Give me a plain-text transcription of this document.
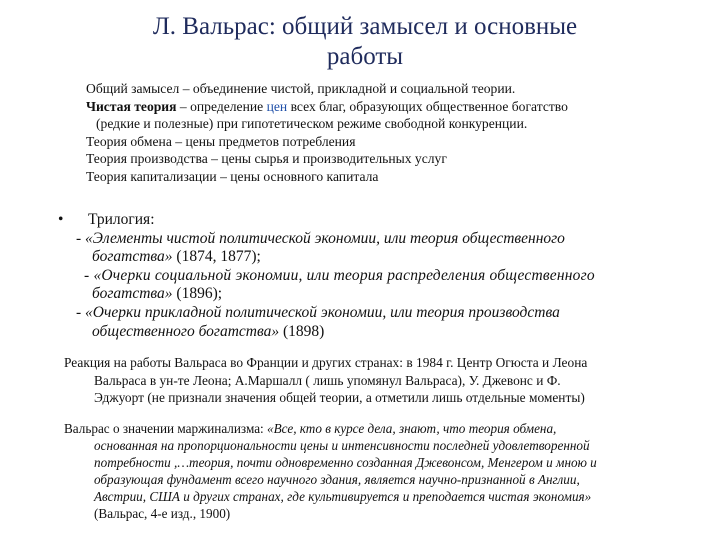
Л. Вальрас: общий замысел и основные
работы
Общий замысел – объединение чистой, прикладной и социальной теории.
Чистая теория – определение цен всех благ, образующих общественное богатство
(редкие и полезные) при гипотетическом режиме свободной конкуренции.
Теория обмена – цены предметов потребления
Теория производства – цены сырья и производительных услуг
Теория капитализации – цены основного капитала
• Трилогия:
- «Элементы чистой политической экономии, или теория общественного
богатства» (1874, 1877);
- «Очерки социальной экономии, или теория распределения общественного
богатства» (1896);
- «Очерки прикладной политической экономии, или теория производства
общественного богатства» (1898)
Реакция на работы Вальраса во Франции и других странах: в 1984 г. Центр Огюста и Леона
Вальраса в ун-те Леона; А.Маршалл ( лишь упомянул Вальраса), У. Джевонс и Ф.
Эджуорт (не признали значения общей теории, а отметили лишь отдельные моменты)
Вальрас о значении маржинализма: «Все, кто в курсе дела, знают, что теория обмена,
основанная на пропорциональности цены и интенсивности последней удовлетворенной
потребности ,…теория, почти одновременно созданная Джевонсом, Менгером и мною и
образующая фундамент всего научного здания, является научно-признанной в Англии,
Австрии, США и других странах, где культивируется и преподается чистая экономия»
(Вальрас, 4-е изд., 1900)
